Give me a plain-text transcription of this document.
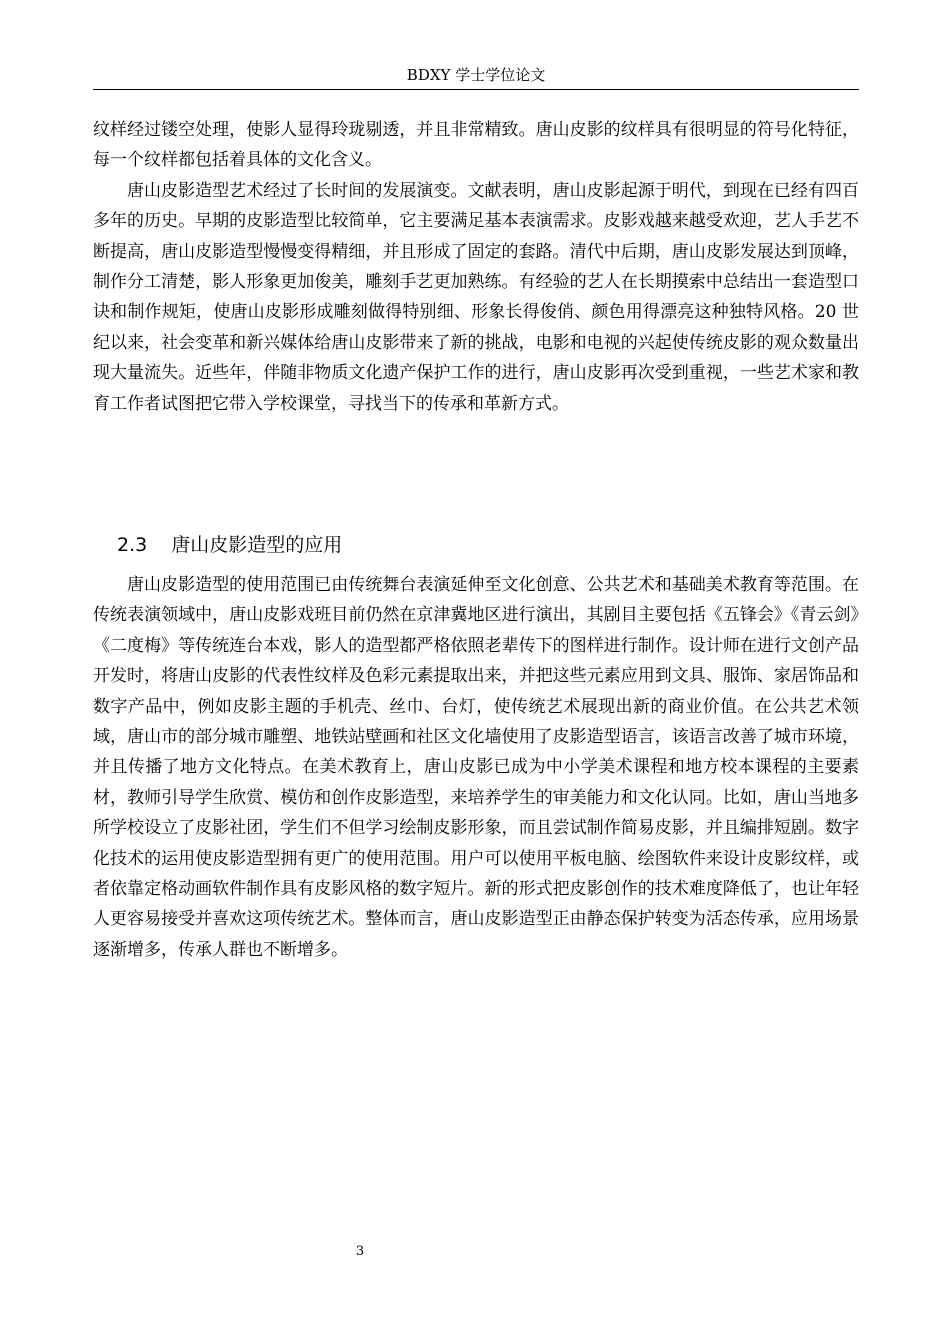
BDXY 学士学位论文

纹样经过镂空处理，使影人显得玲珑剔透，并且非常精致。唐山皮影的纹样具有很明显的符号化特征，每一个纹样都包括着具体的文化含义。

唐山皮影造型艺术经过了长时间的发展演变。文献表明，唐山皮影起源于明代，到现在已经有四百多年的历史。早期的皮影造型比较简单，它主要满足基本表演需求。皮影戏越来越受欢迎，艺人手艺不断提高，唐山皮影造型慢慢变得精细，并且形成了固定的套路。清代中后期，唐山皮影发展达到顶峰，制作分工清楚，影人形象更加俊美，雕刻手艺更加熟练。有经验的艺人在长期摸索中总结出一套造型口诀和制作规矩，使唐山皮影形成雕刻做得特别细、形象长得俊俏、颜色用得漂亮这种独特风格。20 世纪以来，社会变革和新兴媒体给唐山皮影带来了新的挑战，电影和电视的兴起使传统皮影的观众数量出现大量流失。近些年，伴随非物质文化遗产保护工作的进行，唐山皮影再次受到重视，一些艺术家和教育工作者试图把它带入学校课堂，寻找当下的传承和革新方式。

2.3 唐山皮影造型的应用

唐山皮影造型的使用范围已由传统舞台表演延伸至文化创意、公共艺术和基础美术教育等范围。在传统表演领域中，唐山皮影戏班目前仍然在京津冀地区进行演出，其剧目主要包括《五锋会》《青云剑》《二度梅》等传统连台本戏，影人的造型都严格依照老辈传下的图样进行制作。设计师在进行文创产品开发时，将唐山皮影的代表性纹样及色彩元素提取出来，并把这些元素应用到文具、服饰、家居饰品和数字产品中，例如皮影主题的手机壳、丝巾、台灯，使传统艺术展现出新的商业价值。在公共艺术领域，唐山市的部分城市雕塑、地铁站壁画和社区文化墙使用了皮影造型语言，该语言改善了城市环境，并且传播了地方文化特点。在美术教育上，唐山皮影已成为中小学美术课程和地方校本课程的主要素材，教师引导学生欣赏、模仿和创作皮影造型，来培养学生的审美能力和文化认同。比如，唐山当地多所学校设立了皮影社团，学生们不但学习绘制皮影形象，而且尝试制作简易皮影，并且编排短剧。数字化技术的运用使皮影造型拥有更广的使用范围。用户可以使用平板电脑、绘图软件来设计皮影纹样，或者依靠定格动画软件制作具有皮影风格的数字短片。新的形式把皮影创作的技术难度降低了，也让年轻人更容易接受并喜欢这项传统艺术。整体而言，唐山皮影造型正由静态保护转变为活态传承，应用场景逐渐增多，传承人群也不断增多。

3
